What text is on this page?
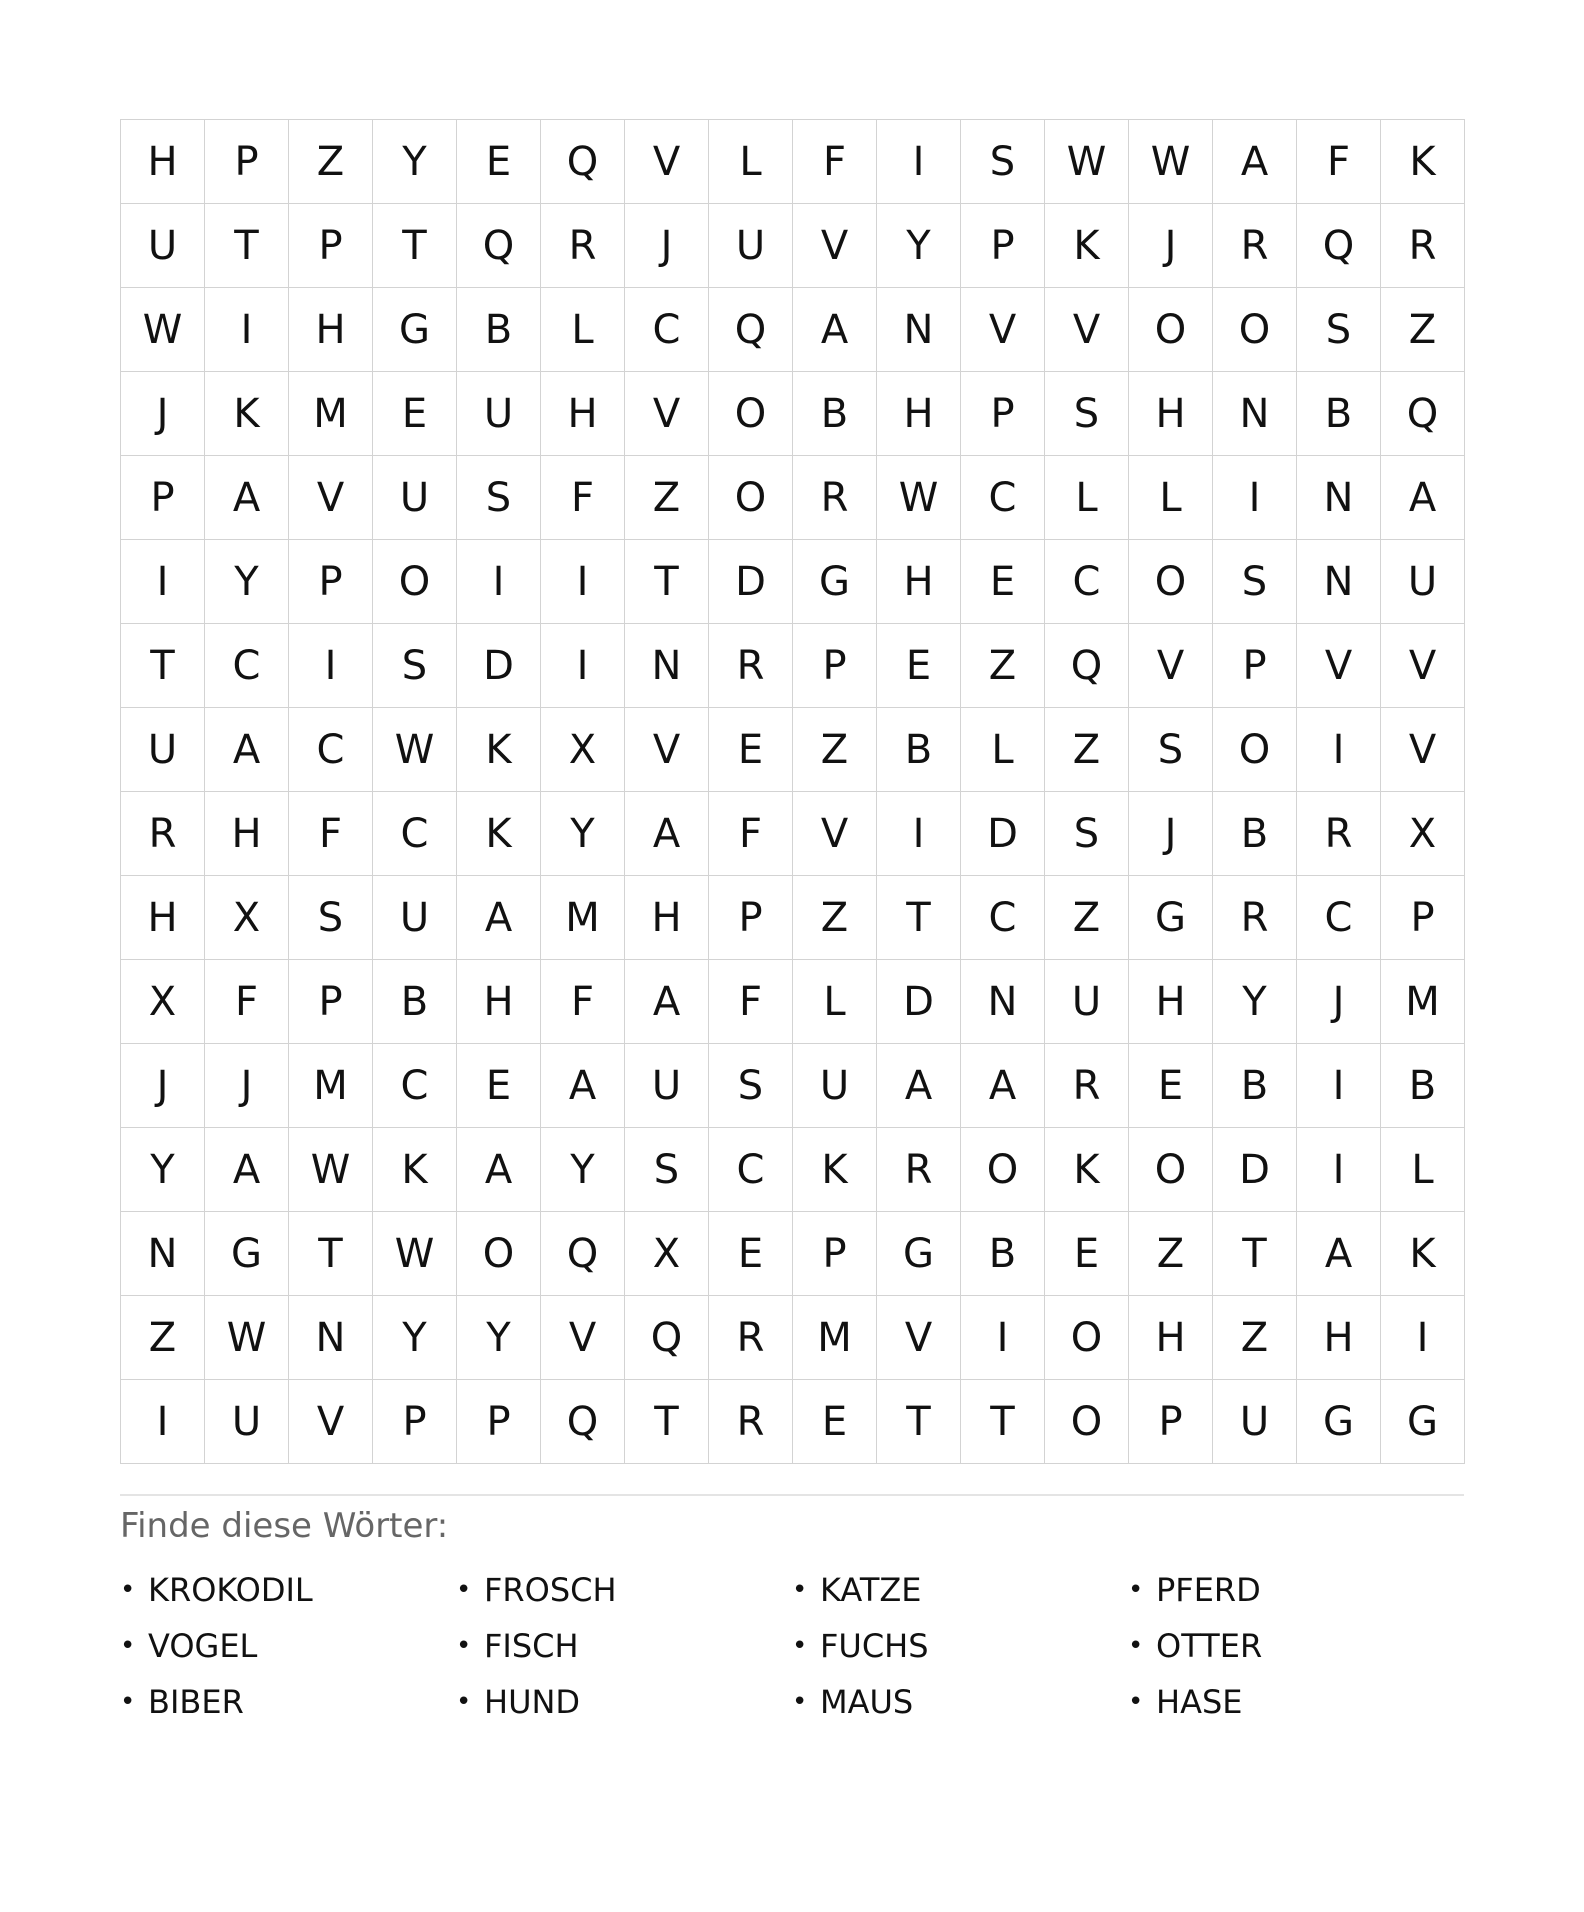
H	P	Z	Y	E	Q	V	L	F	I	S	W	W	A	F	K
U	T	P	T	Q	R	J	U	V	Y	P	K	J	R	Q	R
W	I	H	G	B	L	C	Q	A	N	V	V	O	O	S	Z
J	K	M	E	U	H	V	O	B	H	P	S	H	N	B	Q
P	A	V	U	S	F	Z	O	R	W	C	L	L	I	N	A
I	Y	P	O	I	I	T	D	G	H	E	C	O	S	N	U
T	C	I	S	D	I	N	R	P	E	Z	Q	V	P	V	V
U	A	C	W	K	X	V	E	Z	B	L	Z	S	O	I	V
R	H	F	C	K	Y	A	F	V	I	D	S	J	B	R	X
H	X	S	U	A	M	H	P	Z	T	C	Z	G	R	C	P
X	F	P	B	H	F	A	F	L	D	N	U	H	Y	J	M
J	J	M	C	E	A	U	S	U	A	A	R	E	B	I	B
Y	A	W	K	A	Y	S	C	K	R	O	K	O	D	I	L
N	G	T	W	O	Q	X	E	P	G	B	E	Z	T	A	K
Z	W	N	Y	Y	V	Q	R	M	V	I	O	H	Z	H	I
I	U	V	P	P	Q	T	R	E	T	T	O	P	U	G	G
Finde diese Wörter:
• KROKODIL	• FROSCH	• KATZE	• PFERD
• VOGEL	• FISCH	• FUCHS	• OTTER
• BIBER	• HUND	• MAUS	• HASE
